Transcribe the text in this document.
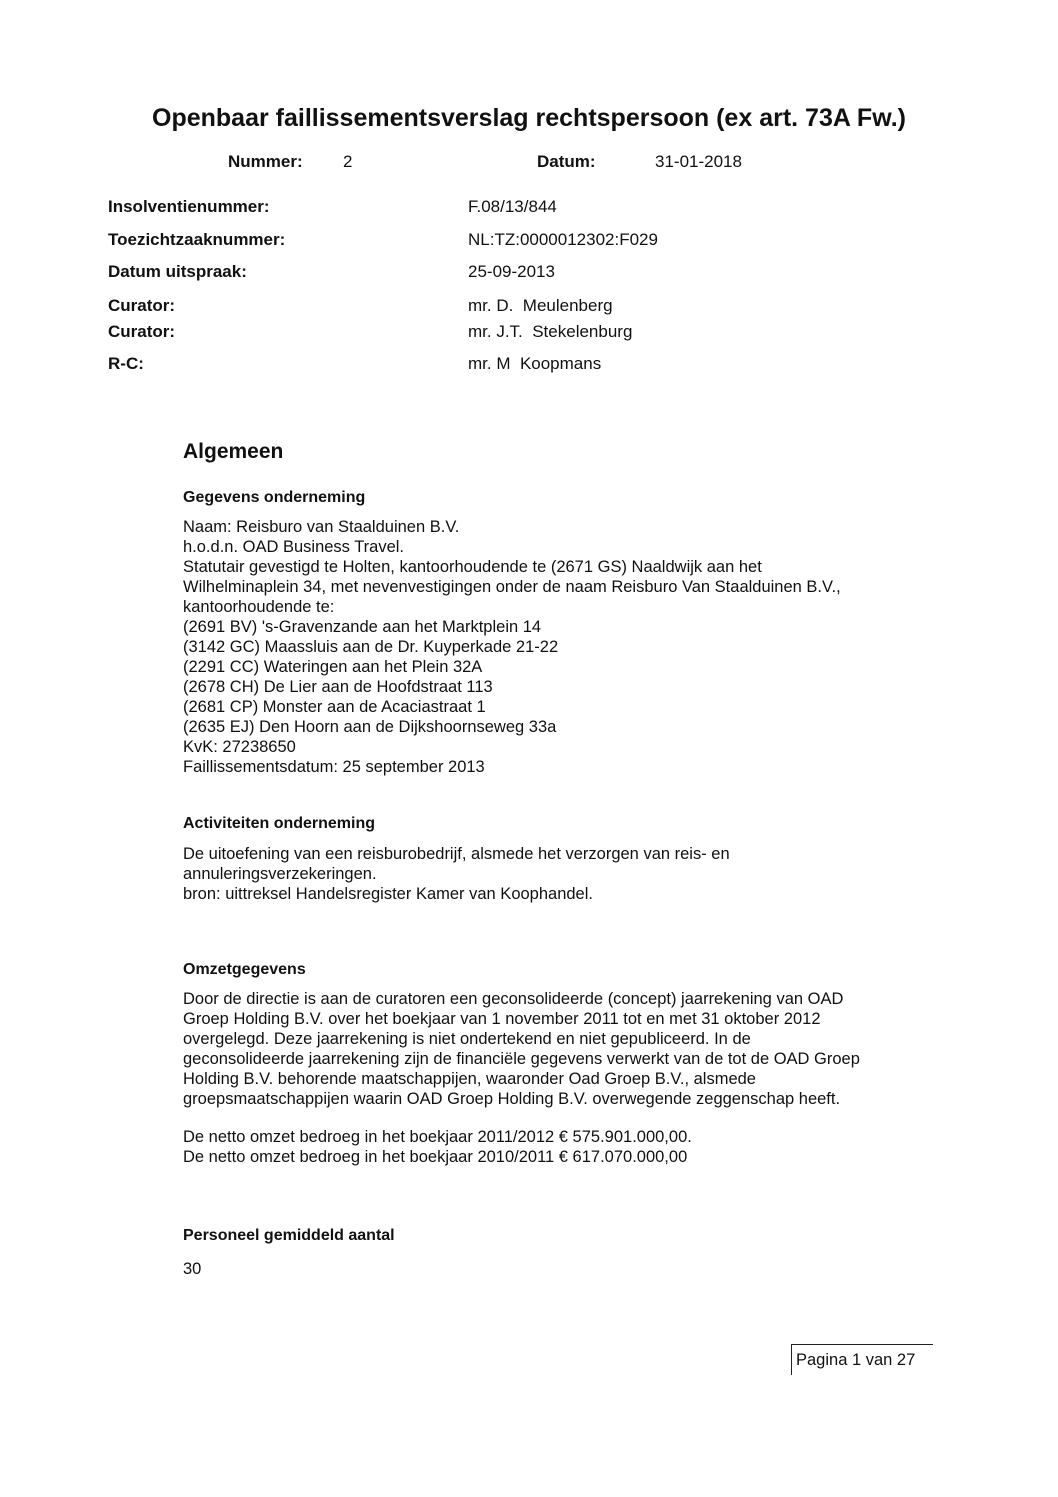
Openbaar faillissementsverslag rechtspersoon (ex art. 73A Fw.)
Nummer: 2	Datum:	31-01-2018
Insolventienummer:	F.08/13/844
Toezichtzaaknummer:	NL:TZ:0000012302:F029
Datum uitspraak:	25-09-2013
Curator:	mr. D.  Meulenberg
Curator:	mr. J.T.  Stekelenburg
R-C:	mr. M  Koopmans
Algemeen
Gegevens onderneming
Naam: Reisburo van Staalduinen B.V.
h.o.d.n. OAD Business Travel.
Statutair gevestigd te Holten, kantoorhoudende te (2671 GS) Naaldwijk aan het
Wilhelminaplein 34, met nevenvestigingen onder de naam Reisburo Van Staalduinen B.V.,
kantoorhoudende te:
(2691 BV) 's-Gravenzande aan het Marktplein 14
(3142 GC) Maassluis aan de Dr. Kuyperkade 21-22
(2291 CC) Wateringen aan het Plein 32A
(2678 CH) De Lier aan de Hoofdstraat 113
(2681 CP) Monster aan de Acaciastraat 1
(2635 EJ) Den Hoorn aan de Dijkshoornseweg 33a
KvK: 27238650
Faillissementsdatum: 25 september 2013
Activiteiten onderneming
De uitoefening van een reisburobedrijf, alsmede het verzorgen van reis- en
annuleringsverzekeringen.
bron: uittreksel Handelsregister Kamer van Koophandel.
Omzetgegevens
Door de directie is aan de curatoren een geconsolideerde (concept) jaarrekening van OAD
Groep Holding B.V. over het boekjaar van 1 november 2011 tot en met 31 oktober 2012
overgelegd. Deze jaarrekening is niet ondertekend en niet gepubliceerd. In de
geconsolideerde jaarrekening zijn de financiële gegevens verwerkt van de tot de OAD Groep
Holding B.V. behorende maatschappijen, waaronder Oad Groep B.V., alsmede
groepsmaatschappijen waarin OAD Groep Holding B.V. overwegende zeggenschap heeft.
De netto omzet bedroeg in het boekjaar 2011/2012 € 575.901.000,00.
De netto omzet bedroeg in het boekjaar 2010/2011 € 617.070.000,00
Personeel gemiddeld aantal
30
Pagina 1 van 27
